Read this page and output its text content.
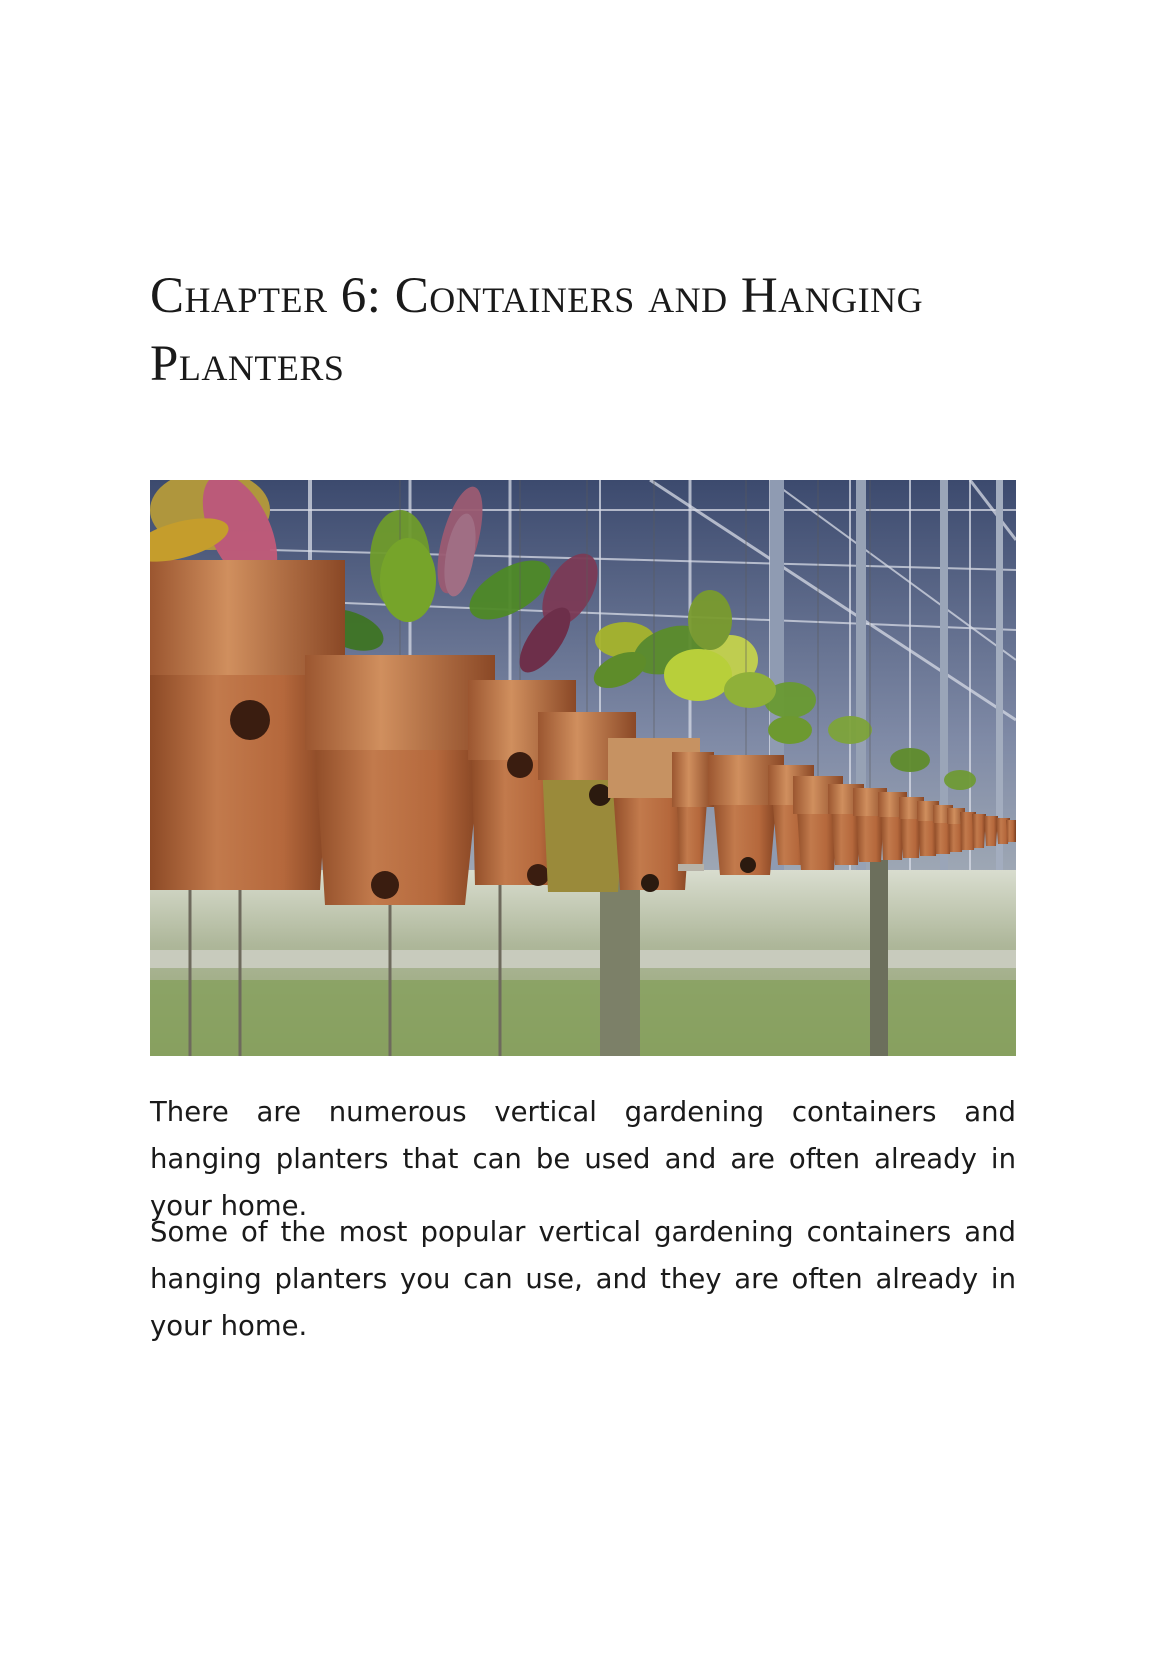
Chapter 6: Containers and Hanging Planters

There are numerous vertical gardening containers and hanging planters that can be used and are often already in your home.

Some of the most popular vertical gardening containers and hanging planters you can use, and they are often already in your home.
